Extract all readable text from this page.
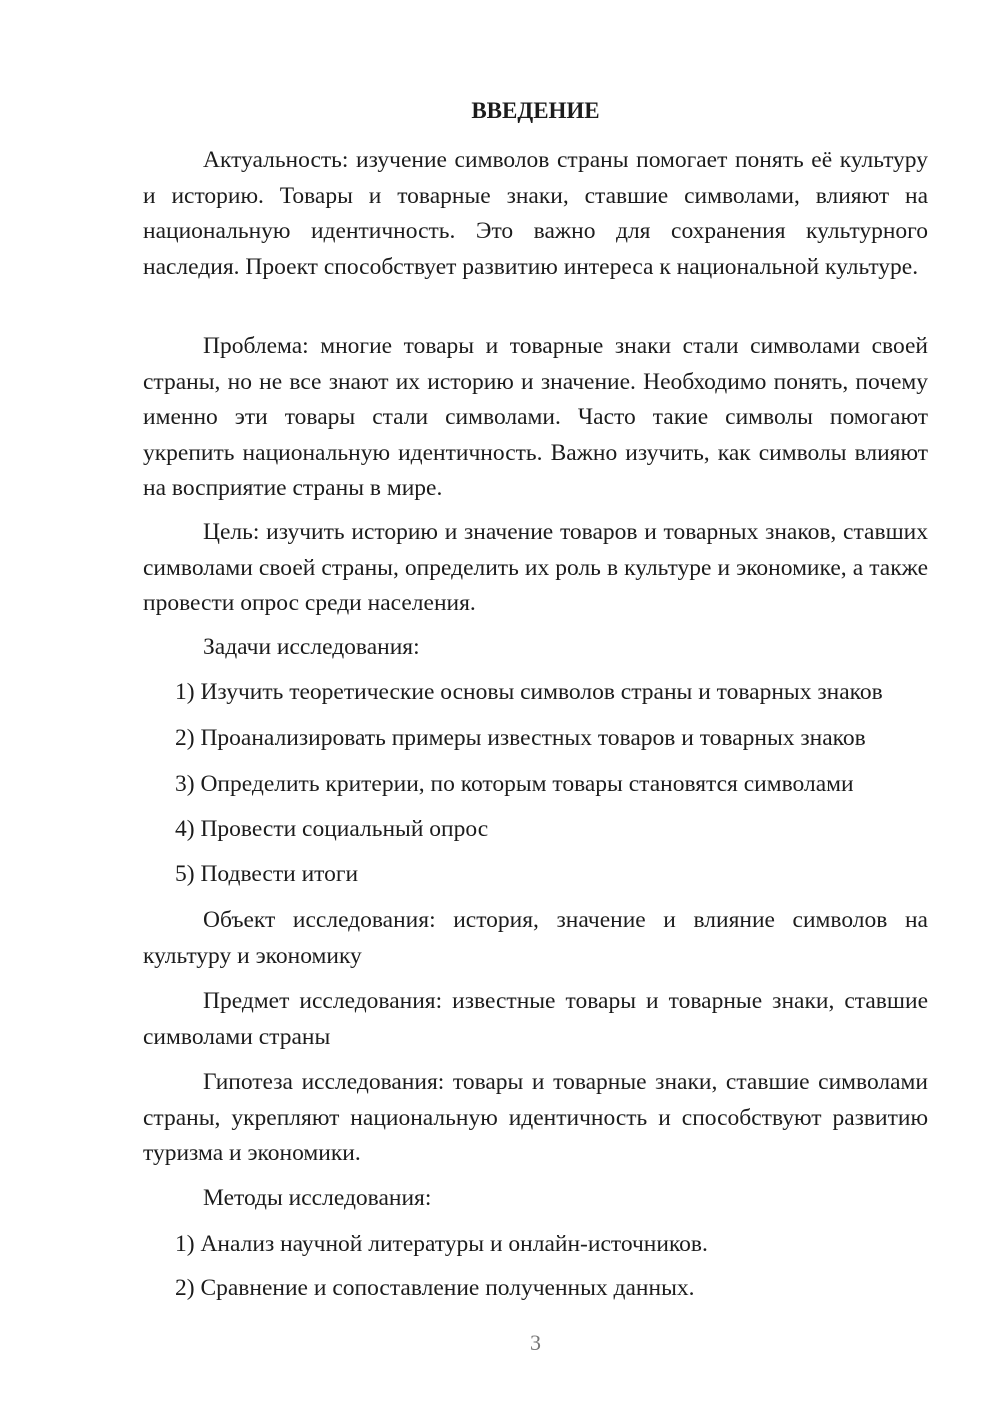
ВВЕДЕНИЕ

Актуальность: изучение символов страны помогает понять её культуру и историю. Товары и товарные знаки, ставшие символами, влияют на национальную идентичность. Это важно для сохранения культурного наследия. Проект способствует развитию интереса к национальной культуре.

Проблема: многие товары и товарные знаки стали символами своей страны, но не все знают их историю и значение. Необходимо понять, почему именно эти товары стали символами. Часто такие символы помогают укрепить национальную идентичность. Важно изучить, как символы влияют на восприятие страны в мире.

Цель: изучить историю и значение товаров и товарных знаков, ставших символами своей страны, определить их роль в культуре и экономике, а также провести опрос среди населения.

Задачи исследования:

1) Изучить теоретические основы символов страны и товарных знаков

2) Проанализировать примеры известных товаров и товарных знаков

3) Определить критерии, по которым товары становятся символами

4) Провести социальный опрос

5) Подвести итоги

Объект исследования: история, значение и влияние символов на культуру и экономику

Предмет исследования: известные товары и товарные знаки, ставшие символами страны

Гипотеза исследования: товары и товарные знаки, ставшие символами страны, укрепляют национальную идентичность и способствуют развитию туризма и экономики.

Методы исследования:

1) Анализ научной литературы и онлайн-источников.

2) Сравнение и сопоставление полученных данных.

3
